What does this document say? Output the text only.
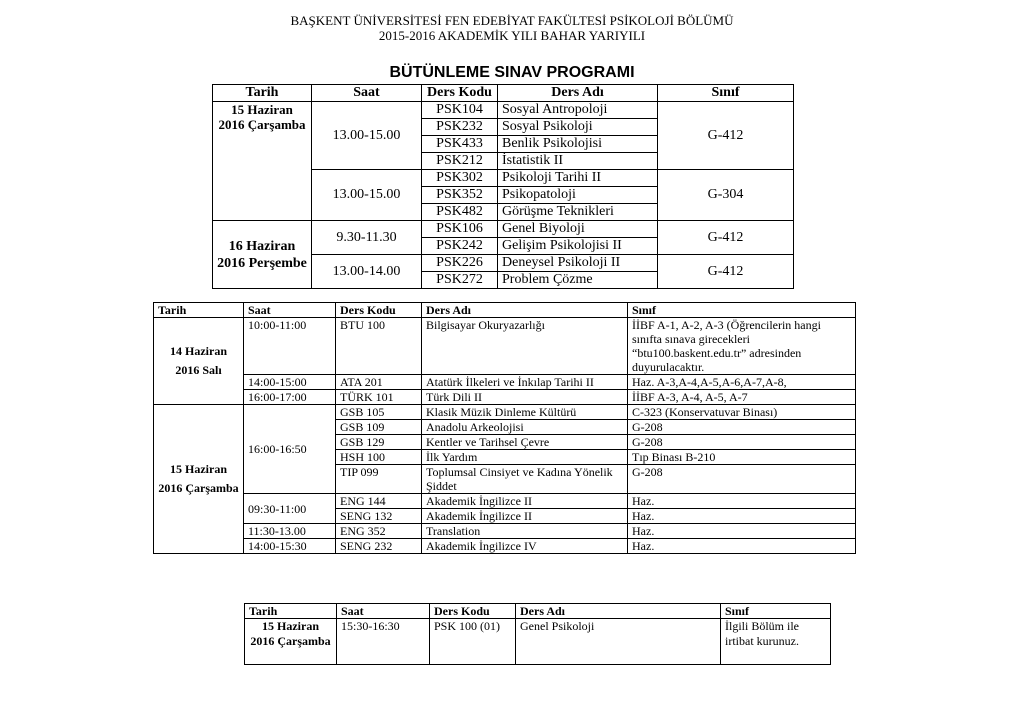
BAŞKENT ÜNİVERSİTESİ FEN EDEBİYAT FAKÜLTESİ PSİKOLOJİ BÖLÜMÜ
2015-2016 AKADEMİK YILI BAHAR YARIYILI
BÜTÜNLEME SINAV PROGRAMI
Tarih	Saat	Ders Kodu	Ders Adı	Sınıf
15 Haziran 2016 Çarşamba	13.00-15.00	PSK104	Sosyal Antropoloji	G-412
		PSK232	Sosyal Psikoloji	
		PSK433	Benlik Psikolojisi	
		PSK212	İstatistik II	
	13.00-15.00	PSK302	Psikoloji Tarihi II	G-304
		PSK352	Psikopatoloji	
		PSK482	Görüşme Teknikleri	
16 Haziran 2016 Perşembe	9.30-11.30	PSK106	Genel Biyoloji	G-412
		PSK242	Gelişim Psikolojisi II	
	13.00-14.00	PSK226	Deneysel Psikoloji II	G-412
		PSK272	Problem Çözme	
Tarih	Saat	Ders Kodu	Ders Adı	Sınıf
14 Haziran 2016 Salı	10:00-11:00	BTU 100	Bilgisayar Okuryazarlığı	İİBF A-1, A-2, A-3 (Öğrencilerin hangi sınıfta sınava girecekleri “btu100.baskent.edu.tr” adresinden duyurulacaktır.
	14:00-15:00	ATA 201	Atatürk İlkeleri ve İnkılap Tarihi II	Haz. A-3,A-4,A-5,A-6,A-7,A-8,
	16:00-17:00	TÜRK 101	Türk Dili II	İİBF A-3, A-4, A-5, A-7
15 Haziran 2016 Çarşamba	16:00-16:50	GSB 105	Klasik Müzik Dinleme Kültürü	C-323 (Konservatuvar Binası)
		GSB 109	Anadolu Arkeolojisi	G-208
		GSB 129	Kentler ve Tarihsel Çevre	G-208
		HSH 100	İlk Yardım	Tıp Binası B-210
		TIP 099	Toplumsal Cinsiyet ve Kadına Yönelik Şiddet	G-208
	09:30-11:00	ENG 144	Akademik İngilizce II	Haz.
		SENG 132	Akademik İngilizce II	Haz.
	11:30-13.00	ENG 352	Translation	Haz.
	14:00-15:30	SENG 232	Akademik İngilizce IV	Haz.
Tarih	Saat	Ders Kodu	Ders Adı	Sınıf
15 Haziran 2016 Çarşamba	15:30-16:30	PSK 100 (01)	Genel Psikoloji	İlgili Bölüm ile irtibat kurunuz.
